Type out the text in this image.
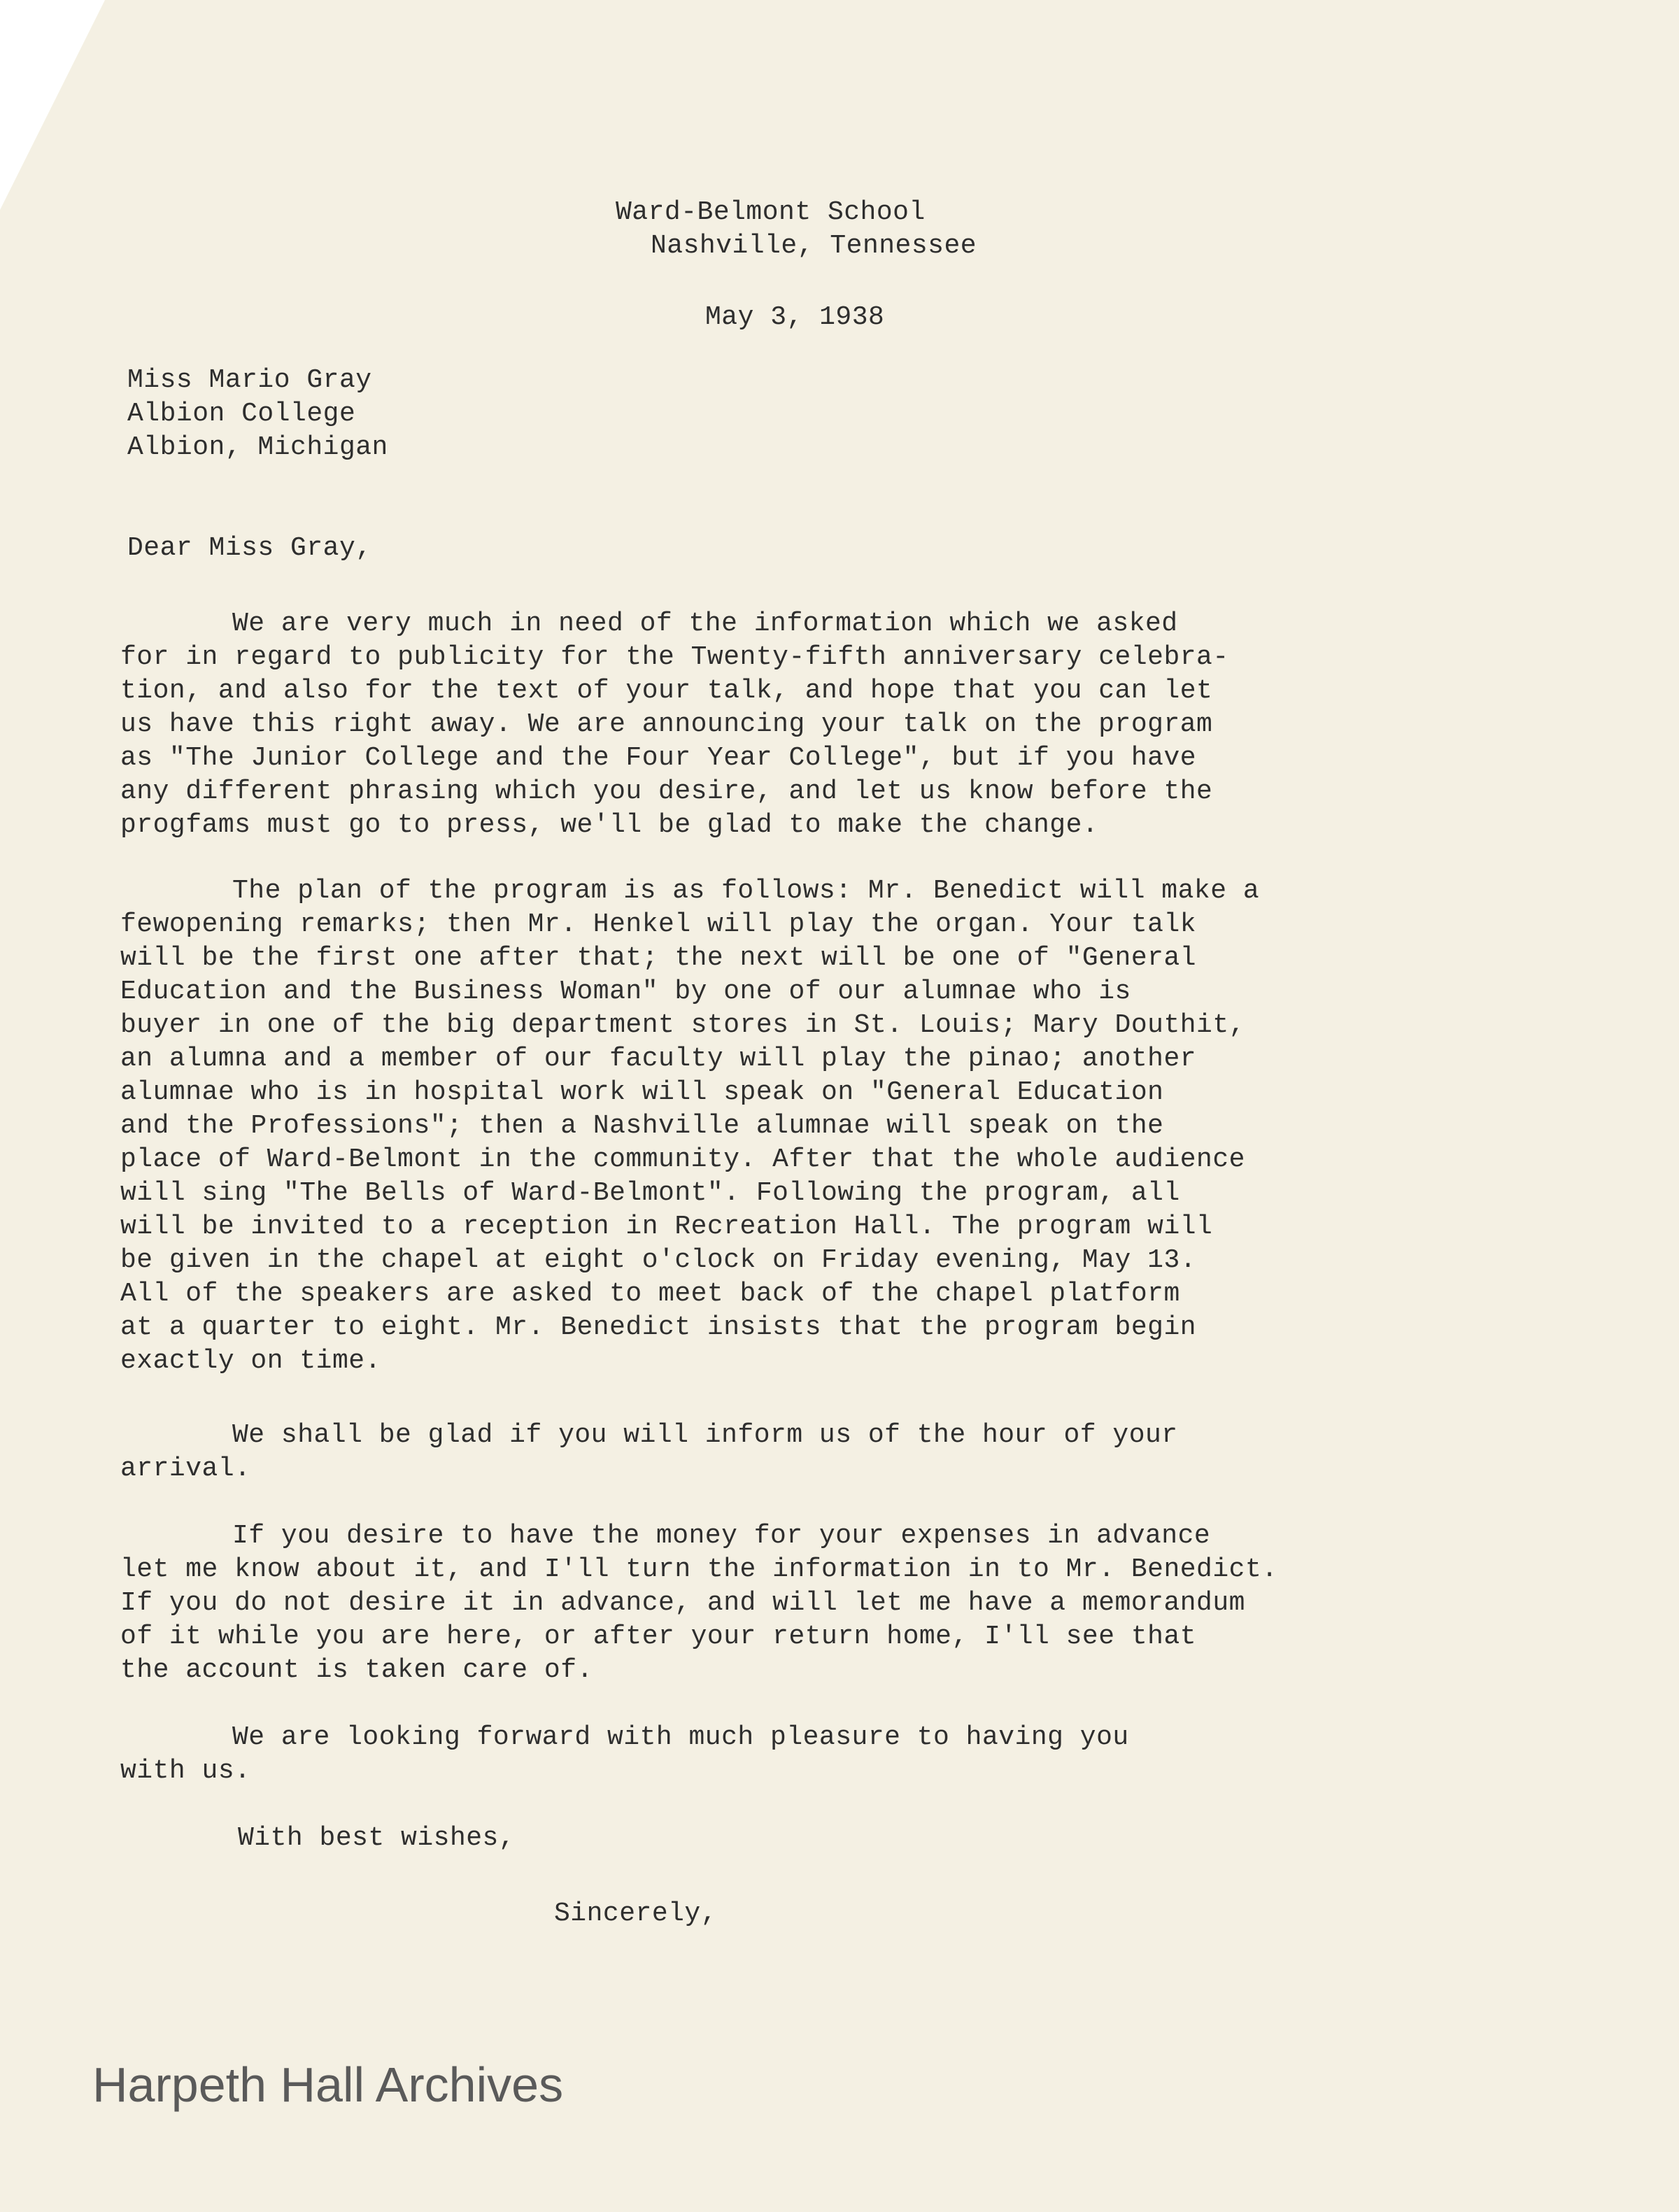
Ward-Belmont School
Nashville, Tennessee
May 3, 1938
Miss Mario Gray
Albion College
Albion, Michigan
Dear Miss Gray,
We are very much in need of the information which we asked
for in regard to publicity for the Twenty-fifth anniversary celebra-
tion, and also for the text of your talk, and hope that you can let
us have this right away. We are announcing your talk on the program
as "The Junior College and the Four Year College", but if you have
any different phrasing which you desire, and let us know before the
progfams must go to press, we'll be glad to make the change.
The plan of the program is as follows: Mr. Benedict will make a
fewopening remarks; then Mr. Henkel will play the organ. Your talk
will be the first one after that; the next will be one of "General
Education and the Business Woman" by one of our alumnae who is
buyer in one of the big department stores in St. Louis; Mary Douthit,
an alumna and a member of our faculty will play the pinao; another
alumnae who is in hospital work will speak on "General Education
and the Professions"; then a Nashville alumnae will speak on the
place of Ward-Belmont in the community. After that the whole audience
will sing "The Bells of Ward-Belmont". Following the program, all
will be invited to a reception in Recreation Hall. The program will
be given in the chapel at eight o'clock on Friday evening, May 13.
All of the speakers are asked to meet back of the chapel platform
at a quarter to eight. Mr. Benedict insists that the program begin
exactly on time.
We shall be glad if you will inform us of the hour of your
arrival.
If you desire to have the money for your expenses in advance
let me know about it, and I'll turn the information in to Mr. Benedict.
If you do not desire it in advance, and will let me have a memorandum
of it while you are here, or after your return home, I'll see that
the account is taken care of.
We are looking forward with much pleasure to having you
with us.
With best wishes,
Sincerely,
Harpeth Hall Archives
